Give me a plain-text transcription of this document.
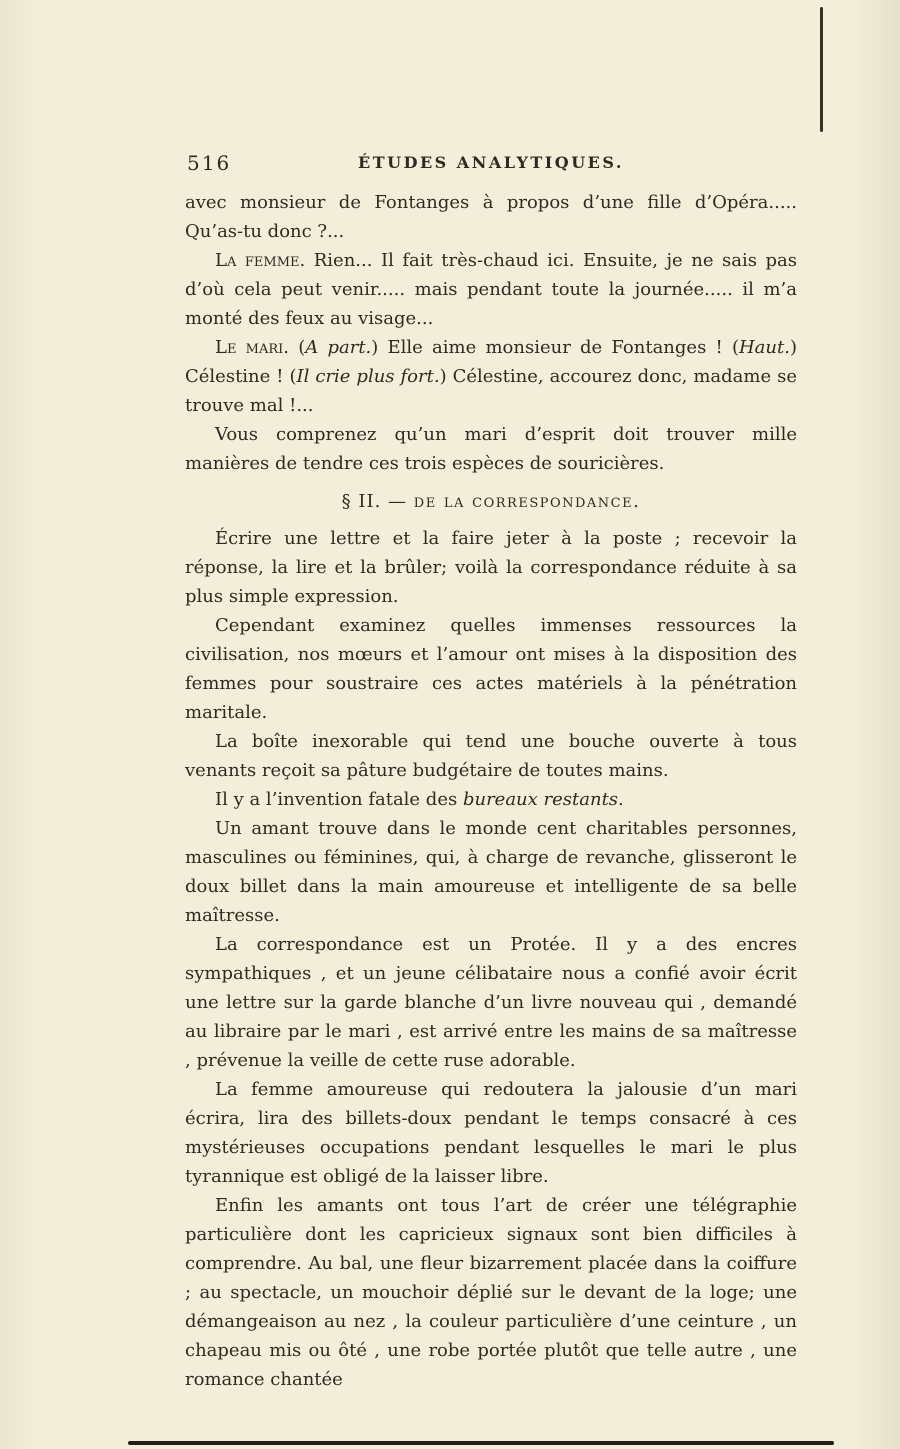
516	ÉTUDES ANALYTIQUES.

avec monsieur de Fontanges à propos d’une fille d’Opéra..... Qu’as-tu donc ?...

La femme. Rien... Il fait très-chaud ici. Ensuite, je ne sais pas d’où cela peut venir..... mais pendant toute la journée..... il m’a monté des feux au visage...

Le mari. (A part.) Elle aime monsieur de Fontanges ! (Haut.) Célestine ! (Il crie plus fort.) Célestine, accourez donc, madame se trouve mal !...

Vous comprenez qu’un mari d’esprit doit trouver mille manières de tendre ces trois espèces de souricières.

§ II. — de la correspondance.

Écrire une lettre et la faire jeter à la poste ; recevoir la réponse, la lire et la brûler; voilà la correspondance réduite à sa plus simple expression.

Cependant examinez quelles immenses ressources la civilisation, nos mœurs et l’amour ont mises à la disposition des femmes pour soustraire ces actes matériels à la pénétration maritale.

La boîte inexorable qui tend une bouche ouverte à tous venants reçoit sa pâture budgétaire de toutes mains.

Il y a l’invention fatale des bureaux restants.

Un amant trouve dans le monde cent charitables personnes, masculines ou féminines, qui, à charge de revanche, glisseront le doux billet dans la main amoureuse et intelligente de sa belle maîtresse.

La correspondance est un Protée. Il y a des encres sympathiques , et un jeune célibataire nous a confié avoir écrit une lettre sur la garde blanche d’un livre nouveau qui , demandé au libraire par le mari , est arrivé entre les mains de sa maîtresse , prévenue la veille de cette ruse adorable.

La femme amoureuse qui redoutera la jalousie d’un mari écrira, lira des billets-doux pendant le temps consacré à ces mystérieuses occupations pendant lesquelles le mari le plus tyrannique est obligé de la laisser libre.

Enfin les amants ont tous l’art de créer une télégraphie particulière dont les capricieux signaux sont bien difficiles à comprendre. Au bal, une fleur bizarrement placée dans la coiffure ; au spectacle, un mouchoir déplié sur le devant de la loge; une démangeaison au nez , la couleur particulière d’une ceinture , un chapeau mis ou ôté , une robe portée plutôt que telle autre , une romance chantée
